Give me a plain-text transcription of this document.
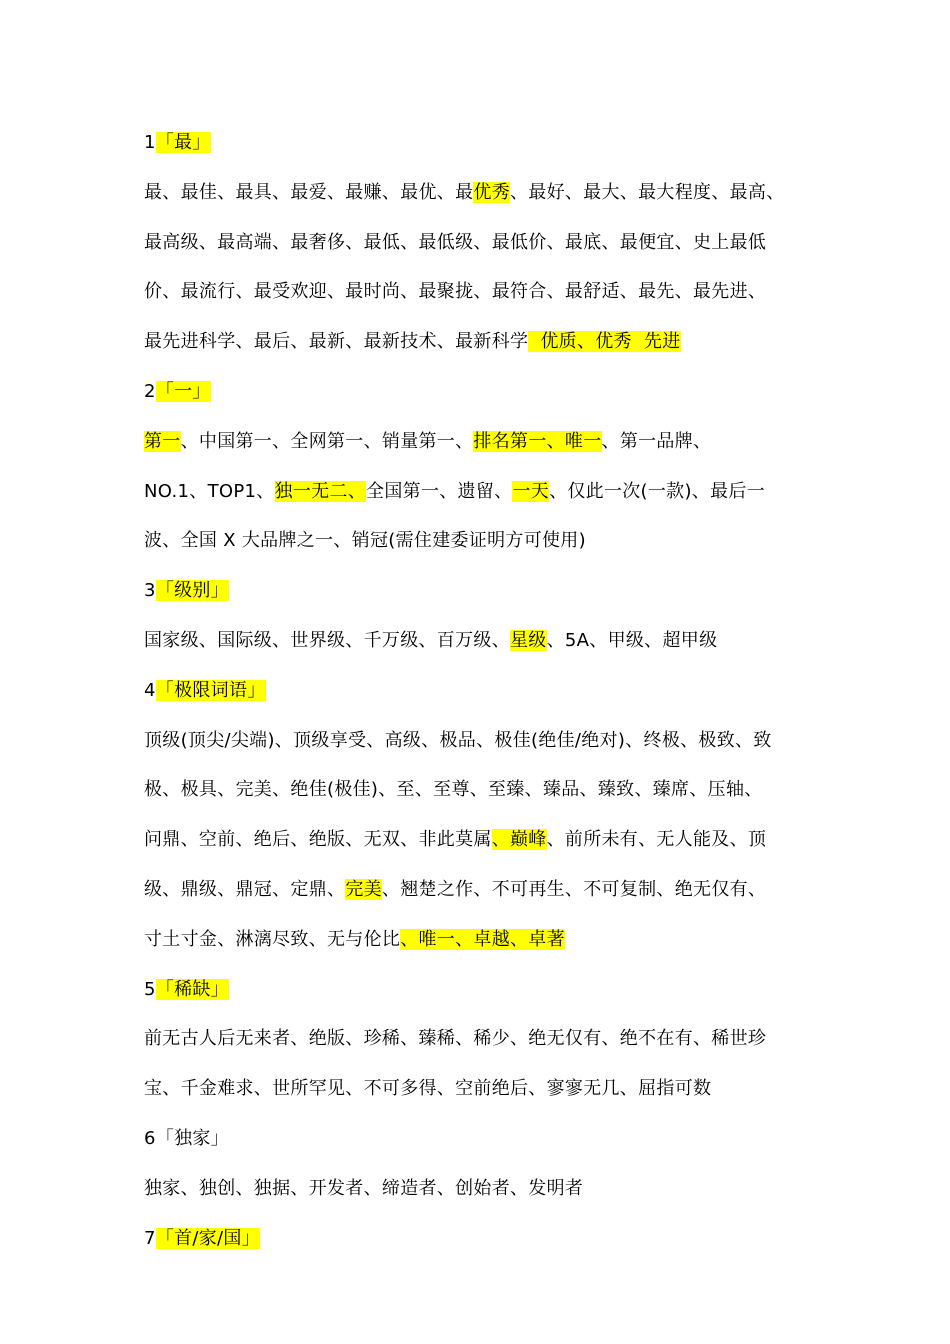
1「最」
最、最佳、最具、最爱、最赚、最优、最优秀、最好、最大、最大程度、最高、
最高级、最高端、最奢侈、最低、最低级、最低价、最底、最便宜、史上最低
价、最流行、最受欢迎、最时尚、最聚拢、最符合、最舒适、最先、最先进、
最先进科学、最后、最新、最新技术、最新科学  优质、优秀  先进
2「一」
第一、中国第一、全网第一、销量第一、排名第一、唯一、第一品牌、
NO.1、TOP1、独一无二、全国第一、遗留、一天、仅此一次(一款)、最后一
波、全国 X 大品牌之一、销冠(需住建委证明方可使用)
3「级别」
国家级、国际级、世界级、千万级、百万级、星级、5A、甲级、超甲级
4「极限词语」
顶级(顶尖/尖端)、顶级享受、高级、极品、极佳(绝佳/绝对)、终极、极致、致
极、极具、完美、绝佳(极佳)、至、至尊、至臻、臻品、臻致、臻席、压轴、
问鼎、空前、绝后、绝版、无双、非此莫属、巅峰、前所未有、无人能及、顶
级、鼎级、鼎冠、定鼎、完美、翘楚之作、不可再生、不可复制、绝无仅有、
寸土寸金、淋漓尽致、无与伦比、唯一、卓越、卓著
5「稀缺」
前无古人后无来者、绝版、珍稀、臻稀、稀少、绝无仅有、绝不在有、稀世珍
宝、千金难求、世所罕见、不可多得、空前绝后、寥寥无几、屈指可数
6「独家」
独家、独创、独据、开发者、缔造者、创始者、发明者
7「首/家/国」
